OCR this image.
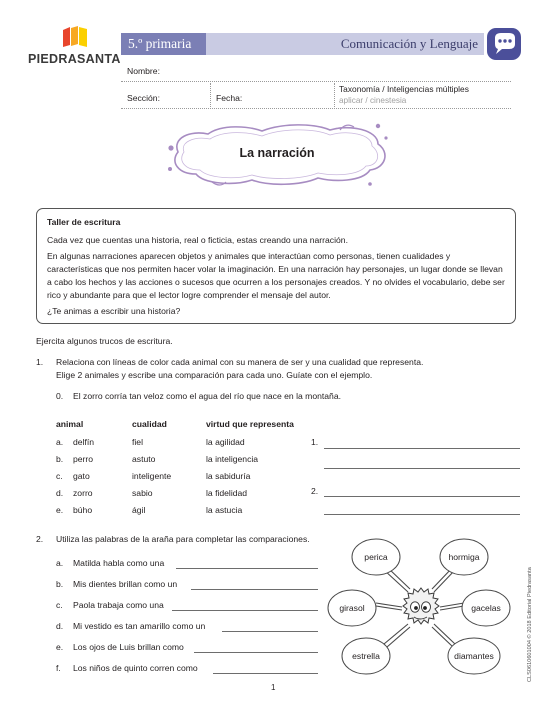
PIEDRASANTA
5.º primaria	Comunicación y Lenguaje
Nombre:
Sección:	Fecha:
Taxonomía / Inteligencias múltiples
aplicar / cinestesia
La narración
Taller de escritura

Cada vez que cuentas una historia, real o ficticia, estas creando una narración.

En algunas narraciones aparecen objetos y animales que interactúan como personas, tienen cualidades y características que nos permiten hacer volar la imaginación. En una narración hay personajes, un lugar donde se llevan a cabo los hechos y las acciones o sucesos que ocurren a los personajes creados. Y no olvides el vocabulario, debe ser rico y abundante para que el lector logre comprender el mensaje del autor.

¿Te animas a escribir una historia?

Ejercita algunos trucos de escritura.
1. Relaciona con líneas de color cada animal con su manera de ser y una cualidad que representa.
Elige 2 animales y escribe una comparación para cada uno. Guíate con el ejemplo.
0. El zorro corría tan veloz como el agua del río que nace en la montaña.
animal	cualidad	virtud que representa
a. delfín	fiel	la agilidad
b. perro	astuto	la inteligencia
c. gato	inteligente	la sabiduría
d. zorro	sabio	la fidelidad
e. búho	ágil	la astucia
1.
2.
2. Utiliza las palabras de la araña para completar las comparaciones.
a. Matilda habla como una
b. Mis dientes brillan como un
c. Paola trabaja como una
d. Mi vestido es tan amarillo como un
e. Los ojos de Luis brillan como
f. Los niños de quinto corren como
perica	hormiga
girasol	gacelas
estrella	diamantes	CLS0610601004 © 2018 Editorial Piedrasanta
1
